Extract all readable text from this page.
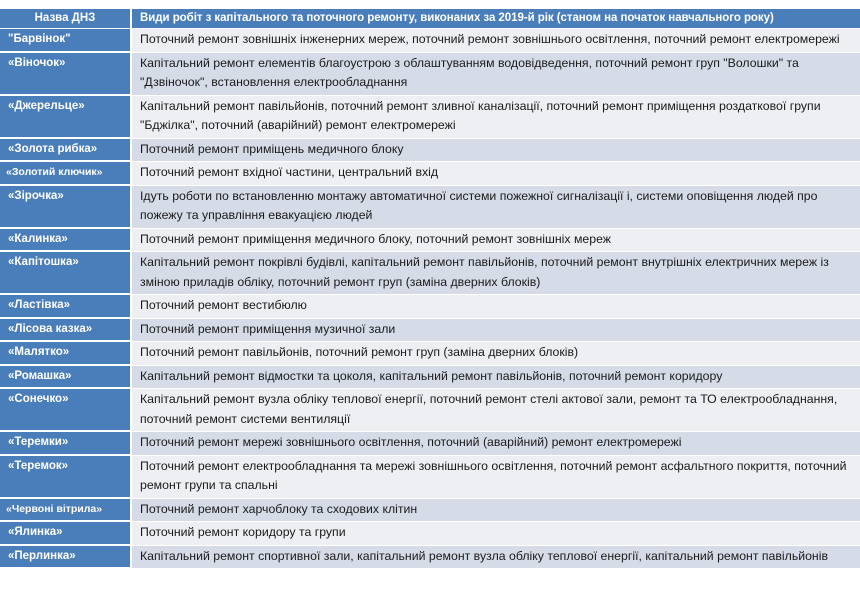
Назва ДНЗ	Види робіт з капітального та поточного ремонту, виконаних за 2019-й рік (станом на початок навчального року)
"Барвінок"	Поточний ремонт зовнішніх інженерних мереж, поточний ремонт зовнішнього освітлення, поточний ремонт електромережі
«Віночок»	Капітальний ремонт елементів благоустрою з облаштуванням водовідведення, поточний ремонт груп "Волошки" та "Дзвіночок", встановлення електрообладнання
«Джерельце»	Капітальний ремонт павільйонів, поточний ремонт зливної каналізації, поточний ремонт приміщення роздаткової групи "Бджілка", поточний (аварійний) ремонт електромережі
«Золота рибка»	Поточний ремонт приміщень медичного блоку
«Золотий ключик»	Поточний ремонт вхідної частини, центральний вхід
«Зірочка»	Ідуть роботи по встановленню монтажу автоматичної системи пожежної сигналізації і, системи оповіщення людей про пожежу та управління евакуацією людей
«Калинка»	Поточний ремонт приміщення медичного блоку, поточний ремонт зовнішніх мереж
«Капітошка»	Капітальний ремонт покрівлі будівлі, капітальний ремонт павільйонів, поточний ремонт внутрішніх електричних мереж із зміною приладів обліку, поточний ремонт груп (заміна дверних блоків)
«Ластівка»	Поточний ремонт вестибюлю
«Лісова казка»	Поточний ремонт приміщення музичної зали
«Малятко»	Поточний ремонт павільйонів, поточний ремонт груп (заміна дверних блоків)
«Ромашка»	Капітальний ремонт відмостки та цоколя, капітальний ремонт павільйонів, поточний ремонт коридору
«Сонечко»	Капітальний ремонт вузла обліку теплової енергії, поточний ремонт стелі актової зали, ремонт та ТО електрообладнання, поточний ремонт системи вентиляції
«Теремки»	Поточний ремонт мережі зовнішнього освітлення, поточний (аварійний) ремонт електромережі
«Теремок»	Поточний ремонт електрообладнання та мережі зовнішнього освітлення, поточний ремонт асфальтного покриття, поточний ремонт групи та спальні
«Червоні вітрила»	Поточний ремонт харчоблоку та сходових клітин
«Ялинка»	Поточний ремонт коридору та групи
«Перлинка»	Капітальний ремонт спортивної зали, капітальний ремонт вузла обліку теплової енергії, капітальний ремонт павільйонів
